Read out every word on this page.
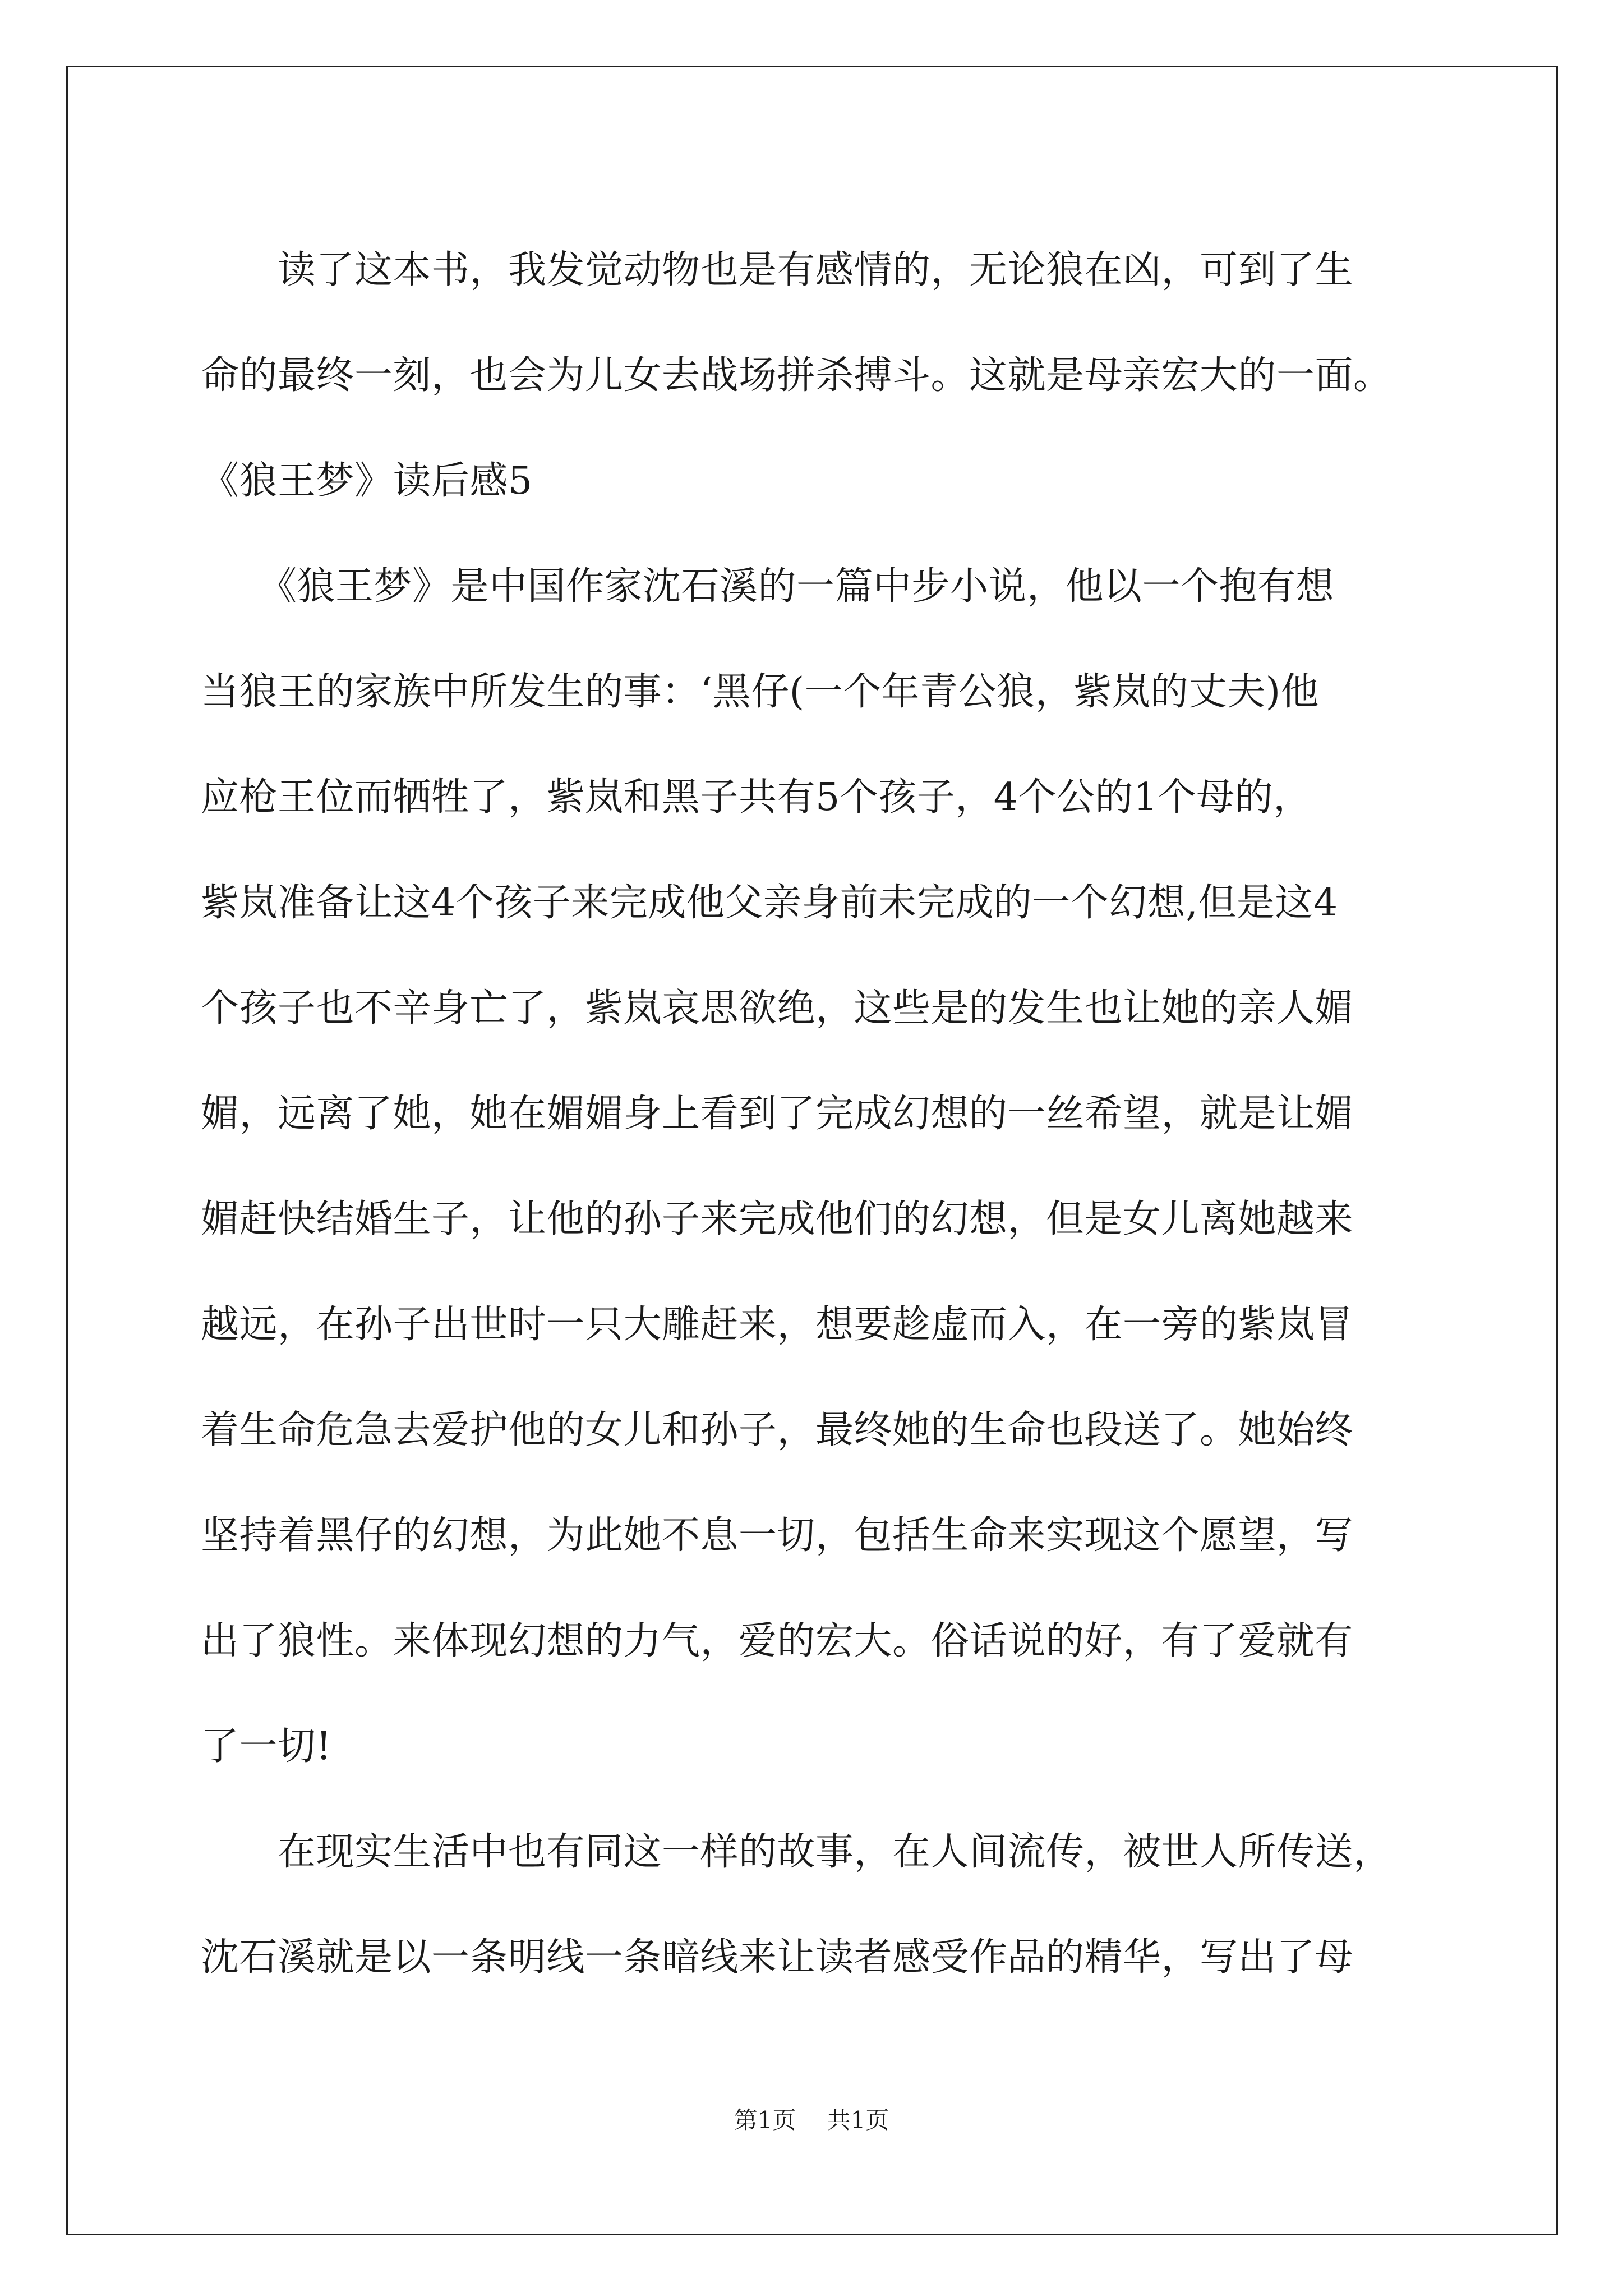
　　读了这本书，我发觉动物也是有感情的，无论狼在凶，可到了生
命的最终一刻，也会为儿女去战场拼杀搏斗。这就是母亲宏大的一面。
《狼王梦》读后感5
　　《狼王梦》是中国作家沈石溪的一篇中步小说，他以一个抱有想
当狼王的家族中所发生的事：‘黑仔(一个年青公狼，紫岚的丈夫)他
应枪王位而牺牲了，紫岚和黑子共有5个孩子，4个公的1个母的，
紫岚准备让这4个孩子来完成他父亲身前未完成的一个幻想,但是这4
个孩子也不辛身亡了，紫岚哀思欲绝，这些是的发生也让她的亲人媚
媚，远离了她，她在媚媚身上看到了完成幻想的一丝希望，就是让媚
媚赶快结婚生子，让他的孙子来完成他们的幻想，但是女儿离她越来
越远，在孙子出世时一只大雕赶来，想要趁虚而入，在一旁的紫岚冒
着生命危急去爱护他的女儿和孙子，最终她的生命也段送了。她始终
坚持着黑仔的幻想，为此她不息一切，包括生命来实现这个愿望，写
出了狼性。来体现幻想的力气，爱的宏大。俗话说的好，有了爱就有
了一切!
　　在现实生活中也有同这一样的故事，在人间流传，被世人所传送，
沈石溪就是以一条明线一条暗线来让读者感受作品的精华，写出了母
第1页　 共1页
